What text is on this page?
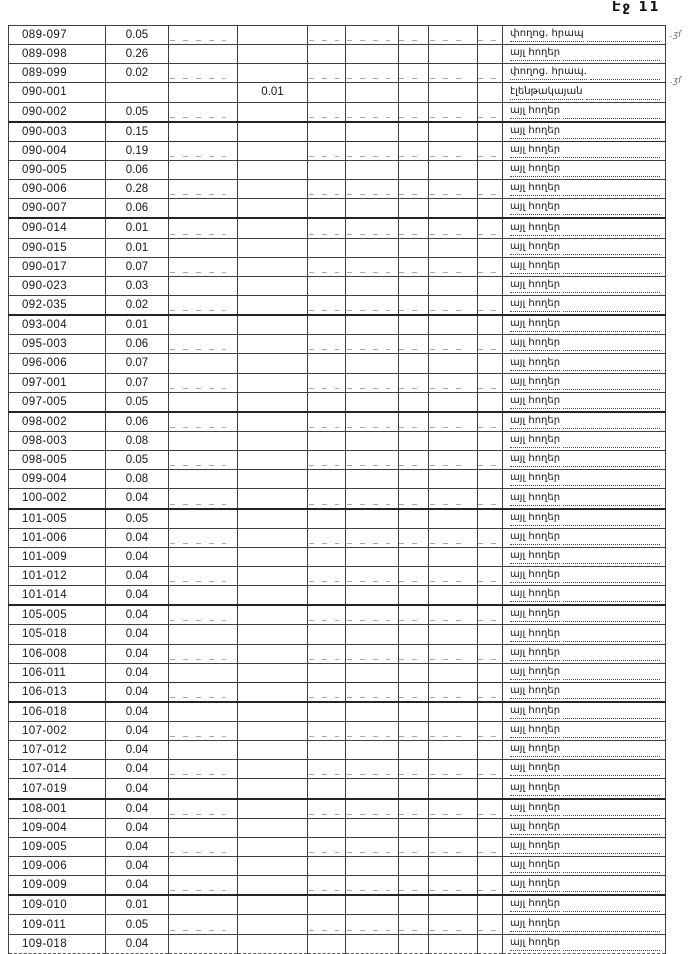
Էջ 11
089-097	0.05								փողոց. հրապ

089-098	0.26								այլ հողեր

089-099	0.02								փողոց. հրապ.

090-001			0.01						էլենթակայան

090-002	0.05								այլ հողեր

090-003	0.15								այլ հողեր

090-004	0.19								այլ հողեր

090-005	0.06								այլ հողեր

090-006	0.28								այլ հողեր

090-007	0.06								այլ հողեր

090-014	0.01								այլ հողեր

090-015	0.01								այլ հողեր

090-017	0.07								այլ հողեր

090-023	0.03								այլ հողեր

092-035	0.02								այլ հողեր

093-004	0.01								այլ հողեր

095-003	0.06								այլ հողեր

096-006	0.07								այլ հողեր

097-001	0.07								այլ հողեր

097-005	0.05								այլ հողեր

098-002	0.06								այլ հողեր

098-003	0.08								այլ հողեր

098-005	0.05								այլ հողեր

099-004	0.08								այլ հողեր

100-002	0.04								այլ հողեր

101-005	0.05								այլ հողեր

101-006	0.04								այլ հողեր

101-009	0.04								այլ հողեր

101-012	0.04								այլ հողեր

101-014	0.04								այլ հողեր

105-005	0.04								այլ հողեր

105-018	0.04								այլ հողեր

106-008	0.04								այլ հողեր

106-011	0.04								այլ հողեր

106-013	0.04								այլ հողեր

106-018	0.04								այլ հողեր

107-002	0.04								այլ հողեր

107-012	0.04								այլ հողեր

107-014	0.04								այլ հողեր

107-019	0.04								այլ հողեր

108-001	0.04								այլ հողեր

109-004	0.04								այլ հողեր

109-005	0.04								այլ հողեր

109-006	0.04								այլ հողեր

109-009	0.04								այլ հողեր

109-010	0.01								այլ հողեր

109-011	0.05								այլ հողեր

109-018	0.04								այլ հողեր
.ʒſ
.ʒſ
